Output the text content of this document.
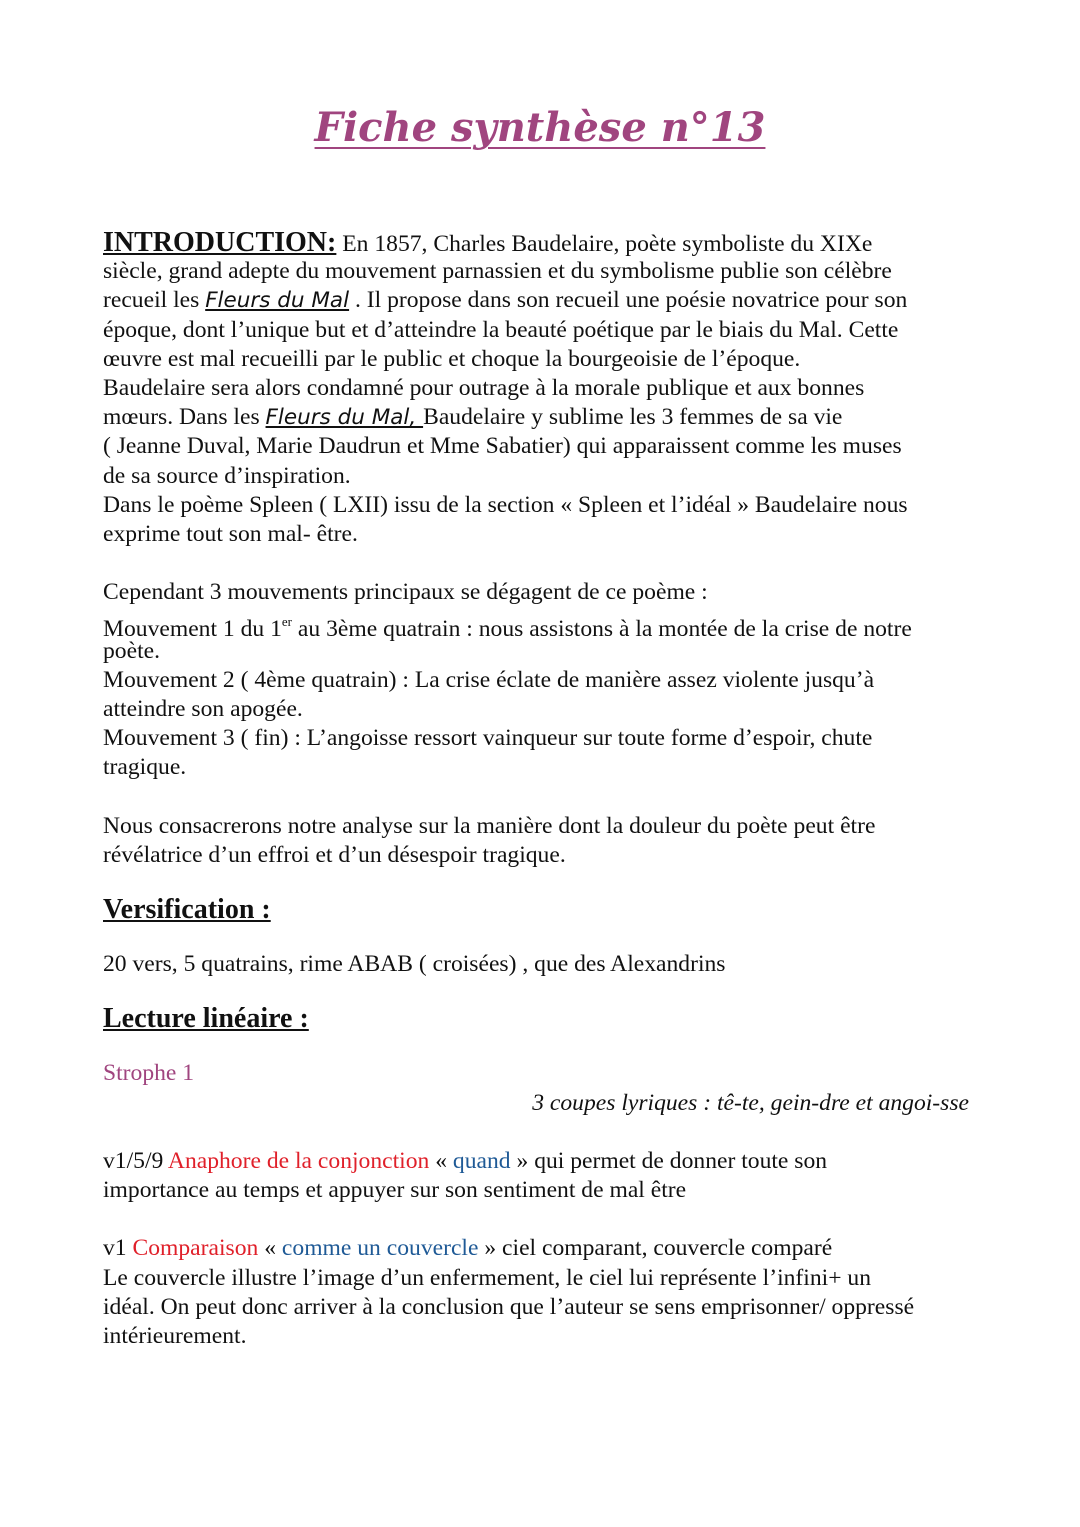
Fiche synthèse n°13
INTRODUCTION: En 1857, Charles Baudelaire, poète symboliste du XIXe
siècle, grand adepte du mouvement parnassien et du symbolisme publie son célèbre
recueil les Fleurs du Mal . Il propose dans son recueil une poésie novatrice pour son
époque, dont l’unique but et d’atteindre la beauté poétique par le biais du Mal. Cette
œuvre est mal recueilli par le public et choque la bourgeoisie de l’époque.
Baudelaire sera alors condamné pour outrage à la morale publique et aux bonnes
mœurs. Dans les Fleurs du Mal, Baudelaire y sublime les 3 femmes de sa vie
( Jeanne Duval, Marie Daudrun et Mme Sabatier) qui apparaissent comme les muses
de sa source d’inspiration.
Dans le poème Spleen ( LXII) issu de la section « Spleen et l’idéal » Baudelaire nous
exprime tout son mal- être.
Cependant 3 mouvements principaux se dégagent de ce poème :
Mouvement 1 du 1er au 3ème quatrain : nous assistons à la montée de la crise de notre
poète.
Mouvement 2 ( 4ème quatrain) : La crise éclate de manière assez violente jusqu’à
atteindre son apogée.
Mouvement 3 ( fin) : L’angoisse ressort vainqueur sur toute forme d’espoir, chute
tragique.
Nous consacrerons notre analyse sur la manière dont la douleur du poète peut être
révélatrice d’un effroi et d’un désespoir tragique.
Versification :
20 vers, 5 quatrains, rime ABAB ( croisées) , que des Alexandrins
Lecture linéaire :
Strophe 1
3 coupes lyriques : tê-te, gein-dre et angoi-sse
v1/5/9 Anaphore de la conjonction « quand » qui permet de donner toute son
importance au temps et appuyer sur son sentiment de mal être
v1 Comparaison « comme un couvercle » ciel comparant, couvercle comparé
Le couvercle illustre l’image d’un enfermement, le ciel lui représente l’infini+ un
idéal. On peut donc arriver à la conclusion que l’auteur se sens emprisonner/ oppressé
intérieurement.
